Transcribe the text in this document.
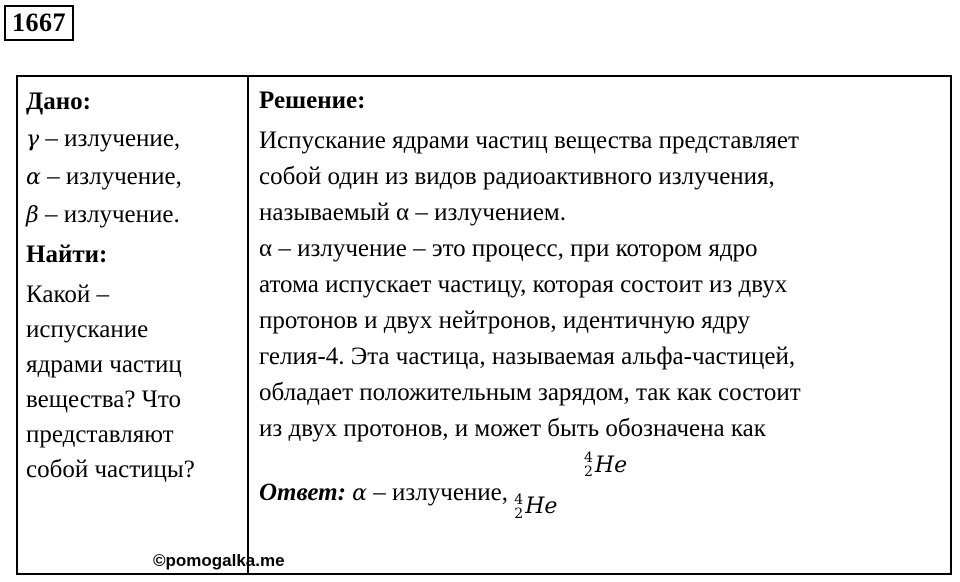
1667
Дано:
γ – излучение,
α – излучение,
β – излучение.
Найти:
Какой –
испускание
ядрами частиц
вещества? Что
представляют
собой частицы?
Решение:
Испускание ядрами частиц вещества представляет
собой один из видов радиоактивного излучения,
называемый α – излучением.
α – излучение – это процесс, при котором ядро
атома испускает частицу, которая состоит из двух
протонов и двух нейтронов, идентичную ядру
гелия-4. Эта частица, называемая альфа-частицей,
обладает положительным зарядом, так как состоит
из двух протонов, и может быть обозначена как
4
2 He
Ответ: α – излучение, 4
2 He
©pomogalka.me
